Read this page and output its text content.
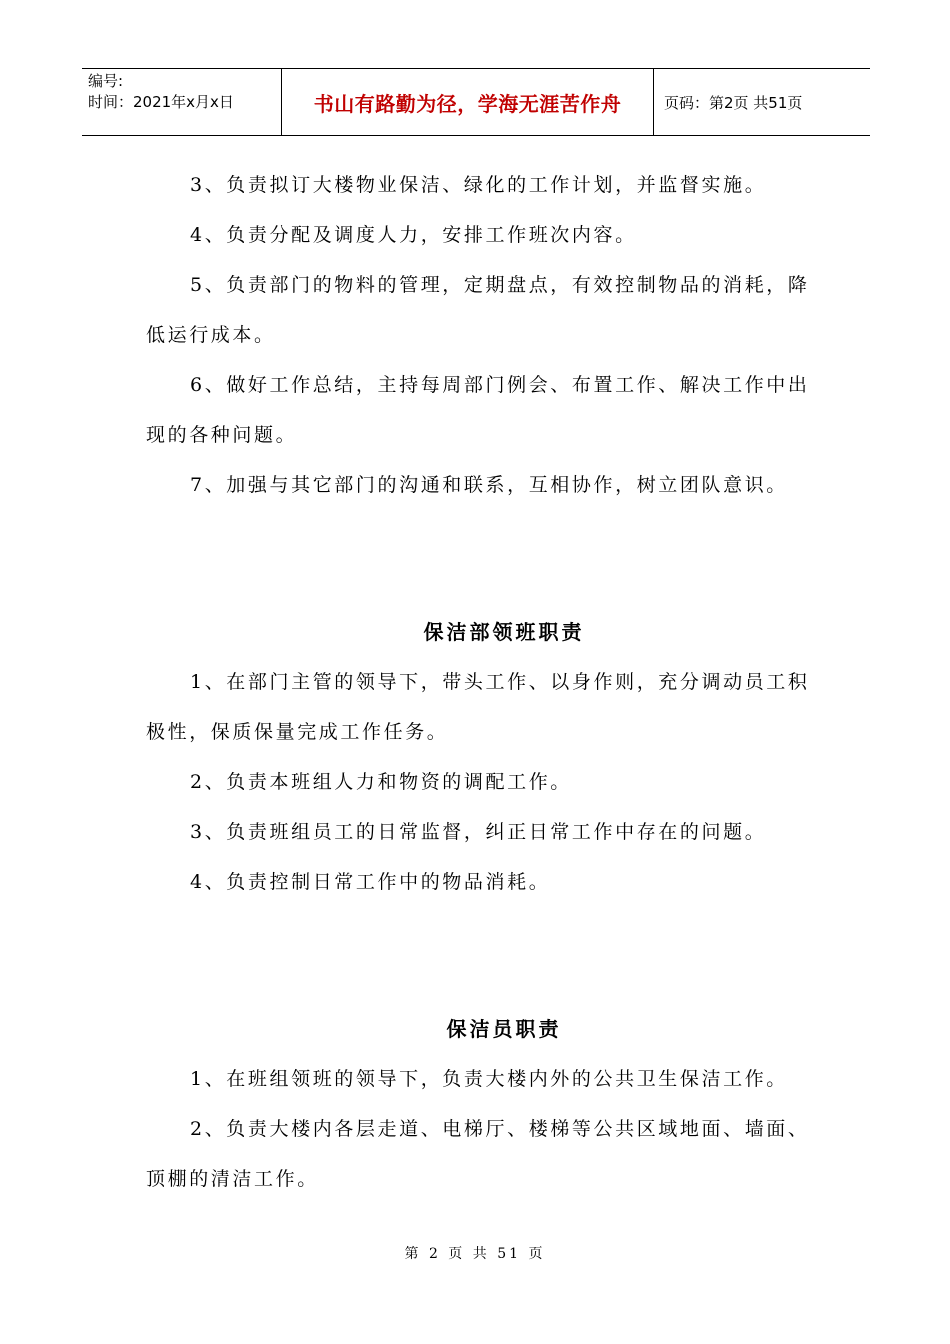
编号:
时间：2021年x月x日	书山有路勤为径，学海无涯苦作舟	页码：第2页 共51页

3、负责拟订大楼物业保洁、绿化的工作计划，并监督实施。

4、负责分配及调度人力，安排工作班次内容。

5、负责部门的物料的管理，定期盘点，有效控制物品的消耗，降低运行成本。

6、做好工作总结，主持每周部门例会、布置工作、解决工作中出现的各种问题。

7、加强与其它部门的沟通和联系，互相协作，树立团队意识。

保洁部领班职责

1、在部门主管的领导下，带头工作、以身作则，充分调动员工积极性，保质保量完成工作任务。

2、负责本班组人力和物资的调配工作。

3、负责班组员工的日常监督，纠正日常工作中存在的问题。

4、负责控制日常工作中的物品消耗。

保洁员职责

1、在班组领班的领导下，负责大楼内外的公共卫生保洁工作。

2、负责大楼内各层走道、电梯厅、楼梯等公共区域地面、墙面、顶棚的清洁工作。

第 2 页 共 51 页
